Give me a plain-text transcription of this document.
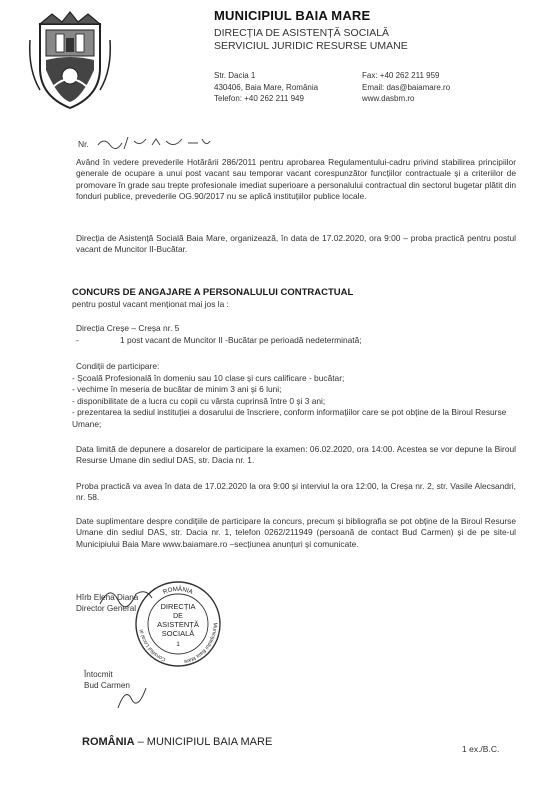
MUNICIPIUL BAIA MARE
DIRECȚIA DE ASISTENȚĂ SOCIALĂ
SERVICIUL JURIDIC RESURSE UMANE
Str. Dacia 1
430406, Baia Mare, România
Telefon: +40 262 211 949
Fax: +40 262 211 959
Email: das@baiamare.ro
www.dasbm.ro
Nr.
Având în vedere prevederile Hotărârii 286/2011 pentru aprobarea Regulamentului-cadru privind stabilirea principiilor generale de ocupare a unui post vacant sau temporar vacant corespunzător funcțiilor contractuale și a criteriilor de promovare în grade sau trepte profesionale imediat superioare a personalului contractual din sectorul bugetar plătit din fonduri publice, prevederile OG.90/2017 nu se aplică instituțiilor publice locale.
Direcția de Asistență Socială Baia Mare, organizează, în data de 17.02.2020, ora 9:00 – proba practică pentru postul vacant de Muncitor II-Bucătar.
CONCURS DE ANGAJARE A PERSONALULUI CONTRACTUAL
pentru postul vacant menționat mai jos la :
Direcția Creșe – Creșa nr. 5
-	1 post vacant de Muncitor II -Bucătar pe perioadă nedeterminată;
Condiții de participare:
- Școală Profesională în domeniu sau 10 clase și curs calificare - bucătar;
- vechime în meseria de bucătar de minim 3 ani și 6 luni;
- disponibilitate de a lucra cu copii cu vârsta cuprinsă între 0 și 3 ani;
- prezentarea la sediul instituției a dosarului de înscriere, conform informațiilor care se pot obține de la Biroul Resurse Umane;
Data limită de depunere a dosarelor de participare la examen: 06.02.2020, ora 14:00. Acestea se vor depune la Biroul Resurse Umane din sediul DAS, str. Dacia nr. 1.
Proba practică va avea în data de 17.02.2020 la ora 9:00 și interviul la ora 12:00, la Creșa nr. 2, str. Vasile Alecsandri, nr. 58.
Date suplimentare despre condițiile de participare la concurs, precum și bibliografia se pot obține de la Biroul Resurse Umane din sediul DAS, str. Dacia nr. 1, telefon 0262/211949 (persoană de contact Bud Carmen) și de pe site-ul Municipiului Baia Mare www.baiamare.ro –secțiunea anunțuri și comunicate.
Hîrb Elena Diana
Director General
ROMÂNIA
Consiliul Local al
Municipiului Baia Mare
DIRECȚIA
DE
ASISTENȚĂ
SOCIALĂ
1
Întocmit
Bud Carmen
ROMÂNIA – MUNICIPIUL BAIA MARE
1 ex./B.C.
